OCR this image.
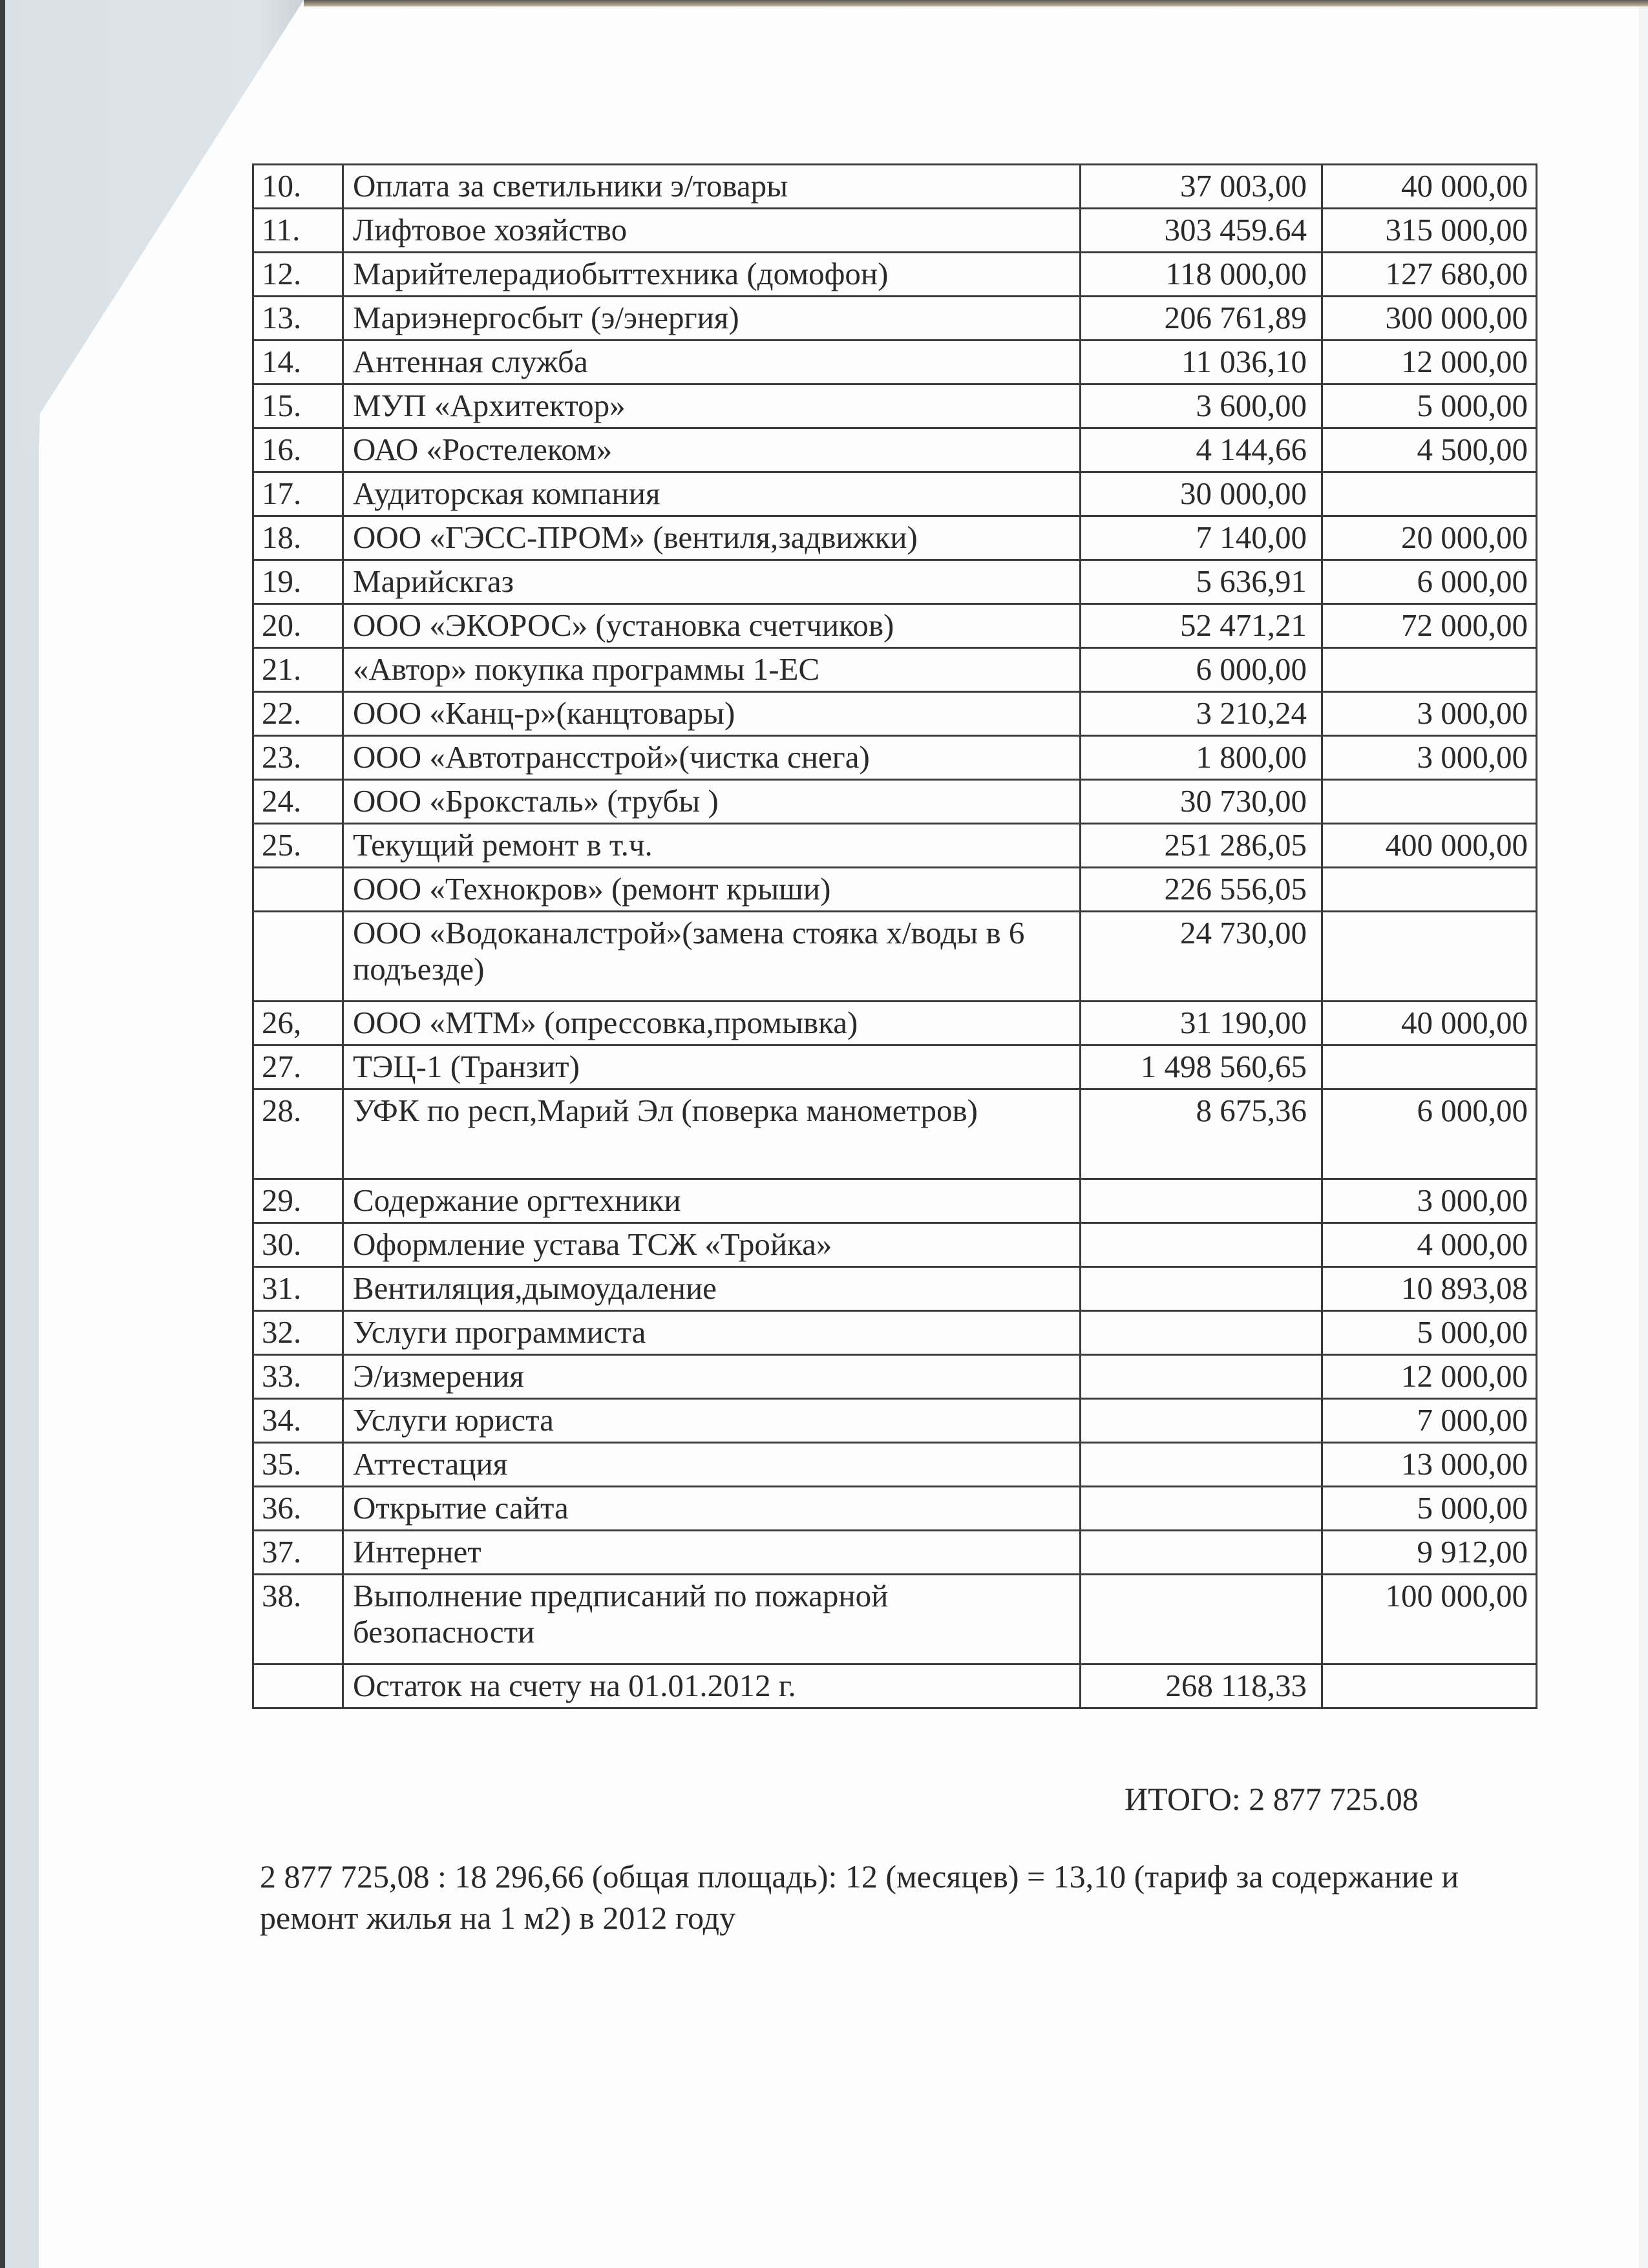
10.	Оплата за светильники э/товары	37 003,00	40 000,00
11.	Лифтовое хозяйство	303 459.64	315 000,00
12.	Марийтелерадиобыттехника (домофон)	118 000,00	127 680,00
13.	Мариэнергосбыт (э/энергия)	206 761,89	300 000,00
14.	Антенная служба	11 036,10	12 000,00
15.	МУП «Архитектор»	3 600,00	5 000,00
16.	ОАО «Ростелеком»	4 144,66	4 500,00
17.	Аудиторская компания	30 000,00	
18.	ООО «ГЭСС-ПРОМ» (вентиля,задвижки)	7 140,00	20 000,00
19.	Марийскгаз	5 636,91	6 000,00
20.	ООО «ЭКОРОС» (установка счетчиков)	52 471,21	72 000,00
21.	«Автор» покупка программы 1-ЕС	6 000,00	
22.	ООО «Канц-р»(канцтовары)	3 210,24	3 000,00
23.	ООО «Автотрансстрой»(чистка снега)	1 800,00	3 000,00
24.	ООО «Брокcталь» (трубы )	30 730,00	
25.	Текущий ремонт в т.ч.	251 286,05	400 000,00
	ООО «Технокров» (ремонт крыши)	226 556,05	
	ООО «Водоканалстрой»(замена стояка х/воды в 6 подъезде)	24 730,00	
26,	ООО «МТМ» (опрессовка,промывка)	31 190,00	40 000,00
27.	ТЭЦ-1 (Транзит)	1 498 560,65	
28.	УФК по респ,Марий Эл (поверка манометров)	8 675,36	6 000,00
29.	Содержание оргтехники		3 000,00
30.	Оформление устава ТСЖ «Тройка»		4 000,00
31.	Вентиляция,дымоудаление		10 893,08
32.	Услуги программиста		5 000,00
33.	Э/измерения		12 000,00
34.	Услуги юриста		7 000,00
35.	Аттестация		13 000,00
36.	Открытие сайта		5 000,00
37.	Интернет		9 912,00
38.	Выполнение предписаний по пожарной безопасности		100 000,00
	Остаток на счету на 01.01.2012 г.	268 118,33	
ИТОГО: 2 877 725.08
2 877 725,08 : 18 296,66 (общая площадь): 12 (месяцев) = 13,10 (тариф за содержание и ремонт жилья на 1 м2) в 2012 году
